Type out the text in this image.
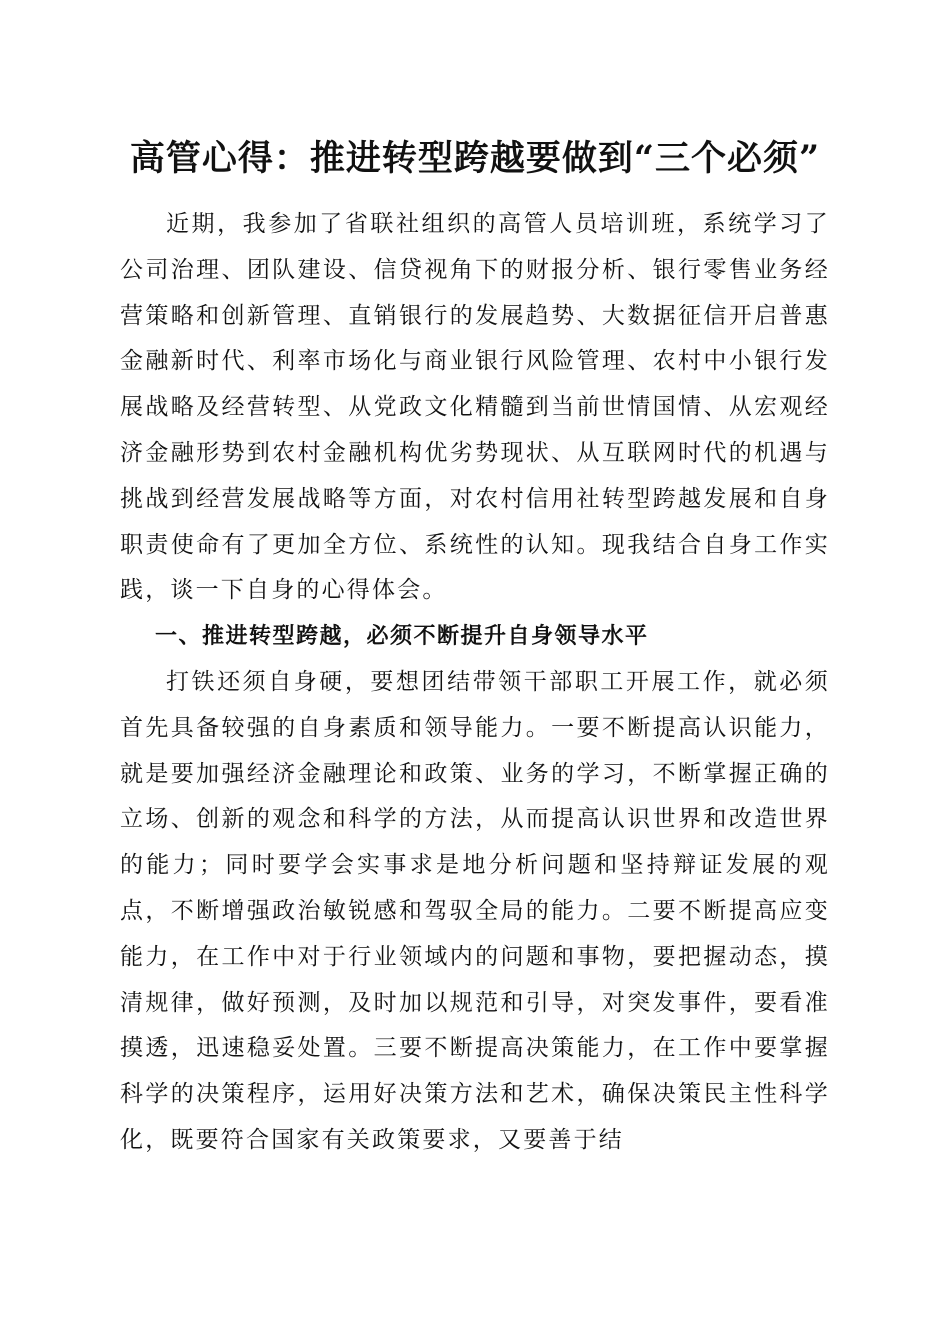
高管心得：推进转型跨越要做到“三个必须”

近期，我参加了省联社组织的高管人员培训班，系统学习了公司治理、团队建设、信贷视角下的财报分析、银行零售业务经营策略和创新管理、直销银行的发展趋势、大数据征信开启普惠金融新时代、利率市场化与商业银行风险管理、农村中小银行发展战略及经营转型、从党政文化精髓到当前世情国情、从宏观经济金融形势到农村金融机构优劣势现状、从互联网时代的机遇与挑战到经营发展战略等方面，对农村信用社转型跨越发展和自身职责使命有了更加全方位、系统性的认知。现我结合自身工作实践，谈一下自身的心得体会。

一、推进转型跨越，必须不断提升自身领导水平

打铁还须自身硬，要想团结带领干部职工开展工作，就必须首先具备较强的自身素质和领导能力。一要不断提高认识能力，就是要加强经济金融理论和政策、业务的学习，不断掌握正确的立场、创新的观念和科学的方法，从而提高认识世界和改造世界的能力；同时要学会实事求是地分析问题和坚持辩证发展的观点，不断增强政治敏锐感和驾驭全局的能力。二要不断提高应变能力，在工作中对于行业领域内的问题和事物，要把握动态，摸清规律，做好预测，及时加以规范和引导，对突发事件，要看准摸透，迅速稳妥处置。三要不断提高决策能力，在工作中要掌握科学的决策程序，运用好决策方法和艺术，确保决策民主性科学化，既要符合国家有关政策要求，又要善于结
